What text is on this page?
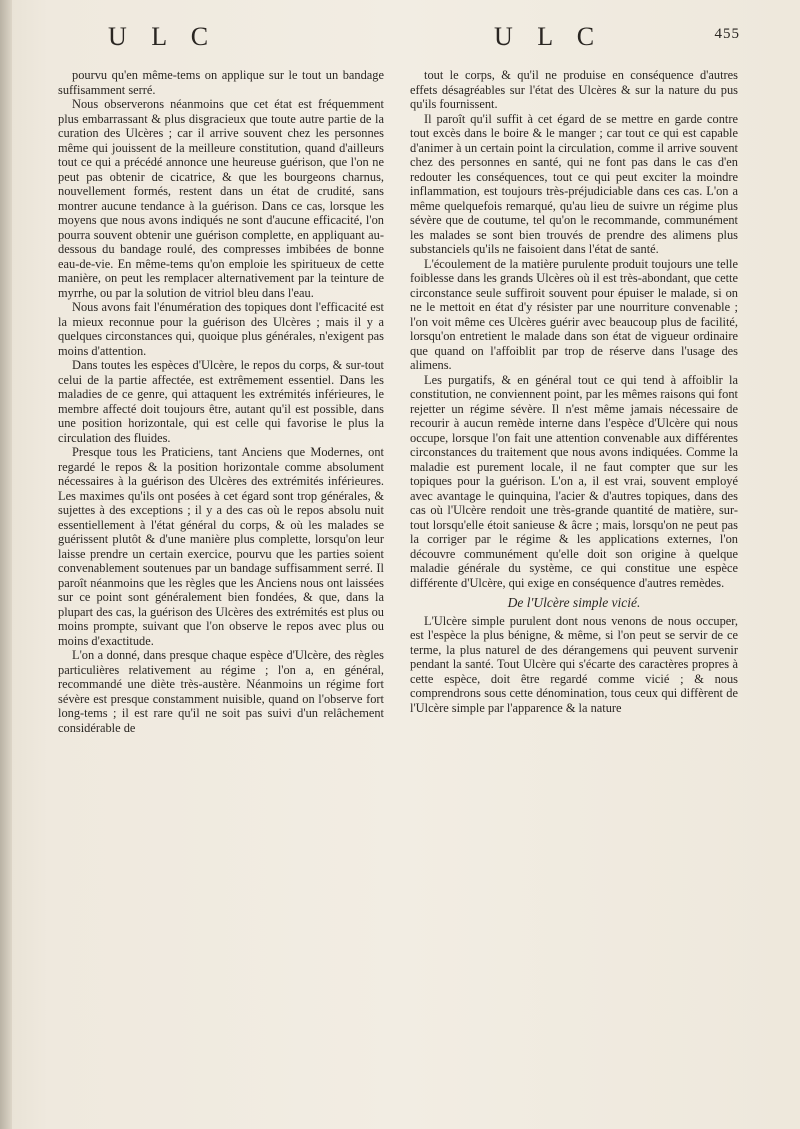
U L C	U L C	455

pourvu qu'en même-tems on applique sur le tout un bandage suffisamment serré.

Nous observerons néanmoins que cet état est fréquemment plus embarrassant & plus disgracieux que toute autre partie de la curation des Ulcères ; car il arrive souvent chez les personnes même qui jouissent de la meilleure constitution, quand d'ailleurs tout ce qui a précédé annonce une heureuse guérison, que l'on ne peut pas obtenir de cicatrice, & que les bourgeons charnus, nouvellement formés, restent dans un état de crudité, sans montrer aucune tendance à la guérison. Dans ce cas, lorsque les moyens que nous avons indiqués ne sont d'aucune efficacité, l'on pourra souvent obtenir une guérison complette, en appliquant au-dessous du bandage roulé, des compresses imbibées de bonne eau-de-vie. En même-tems qu'on emploie les spiritueux de cette manière, on peut les remplacer alternativement par la teinture de myrrhe, ou par la solution de vitriol bleu dans l'eau.

Nous avons fait l'énumération des topiques dont l'efficacité est la mieux reconnue pour la guérison des Ulcères ; mais il y a quelques circonstances qui, quoique plus générales, n'exigent pas moins d'attention.

Dans toutes les espèces d'Ulcère, le repos du corps, & sur-tout celui de la partie affectée, est extrêmement essentiel. Dans les maladies de ce genre, qui attaquent les extrémités inférieures, le membre affecté doit toujours être, autant qu'il est possible, dans une position horizontale, qui est celle qui favorise le plus la circulation des fluides.

Presque tous les Praticiens, tant Anciens que Modernes, ont regardé le repos & la position horizontale comme absolument nécessaires à la guérison des Ulcères des extrémités inférieures. Les maximes qu'ils ont posées à cet égard sont trop générales, & sujettes à des exceptions ; il y a des cas où le repos absolu nuit essentiellement à l'état général du corps, & où les malades se guérissent plutôt & d'une manière plus complette, lorsqu'on leur laisse prendre un certain exercice, pourvu que les parties soient convenablement soutenues par un bandage suffisamment serré. Il paroît néanmoins que les règles que les Anciens nous ont laissées sur ce point sont généralement bien fondées, & que, dans la plupart des cas, la guérison des Ulcères des extrémités est plus ou moins prompte, suivant que l'on observe le repos avec plus ou moins d'exactitude.

L'on a donné, dans presque chaque espèce d'Ulcère, des règles particulières relativement au régime ; l'on a, en général, recommandé une diète très-austère. Néanmoins un régime fort sévère est presque constamment nuisible, quand on l'observe fort long-tems ; il est rare qu'il ne soit pas suivi d'un relâchement considérable de

tout le corps, & qu'il ne produise en conséquence d'autres effets désagréables sur l'état des Ulcères & sur la nature du pus qu'ils fournissent.

Il paroît qu'il suffit à cet égard de se mettre en garde contre tout excès dans le boire & le manger ; car tout ce qui est capable d'animer à un certain point la circulation, comme il arrive souvent chez des personnes en santé, qui ne font pas dans le cas d'en redouter les conséquences, tout ce qui peut exciter la moindre inflammation, est toujours très-préjudiciable dans ces cas. L'on a même quelquefois remarqué, qu'au lieu de suivre un régime plus sévère que de coutume, tel qu'on le recommande, communément les malades se sont bien trouvés de prendre des alimens plus substanciels qu'ils ne faisoient dans l'état de santé.

L'écoulement de la matière purulente produit toujours une telle foiblesse dans les grands Ulcères où il est très-abondant, que cette circonstance seule suffiroit souvent pour épuiser le malade, si on ne le mettoit en état d'y résister par une nourriture convenable ; l'on voit même ces Ulcères guérir avec beaucoup plus de facilité, lorsqu'on entretient le malade dans son état de vigueur ordinaire que quand on l'affoiblit par trop de réserve dans l'usage des alimens.

Les purgatifs, & en général tout ce qui tend à affoiblir la constitution, ne conviennent point, par les mêmes raisons qui font rejetter un régime sévère. Il n'est même jamais nécessaire de recourir à aucun remède interne dans l'espèce d'Ulcère qui nous occupe, lorsque l'on fait une attention convenable aux différentes circonstances du traitement que nous avons indiquées. Comme la maladie est purement locale, il ne faut compter que sur les topiques pour la guérison. L'on a, il est vrai, souvent employé avec avantage le quinquina, l'acier & d'autres topiques, dans des cas où l'Ulcère rendoit une très-grande quantité de matière, sur-tout lorsqu'elle étoit sanieuse & âcre ; mais, lorsqu'on ne peut pas la corriger par le régime & les applications externes, l'on découvre communément qu'elle doit son origine à quelque maladie générale du système, ce qui constitue une espèce différente d'Ulcère, qui exige en conséquence d'autres remèdes.

De l'Ulcère simple vicié.

L'Ulcère simple purulent dont nous venons de nous occuper, est l'espèce la plus bénigne, & même, si l'on peut se servir de ce terme, la plus naturel de des dérangemens qui peuvent survenir pendant la santé. Tout Ulcère qui s'écarte des caractères propres à cette espèce, doit être regardé comme vicié ; & nous comprendrons sous cette dénomination, tous ceux qui diffèrent de l'Ulcère simple par l'apparence & la nature
